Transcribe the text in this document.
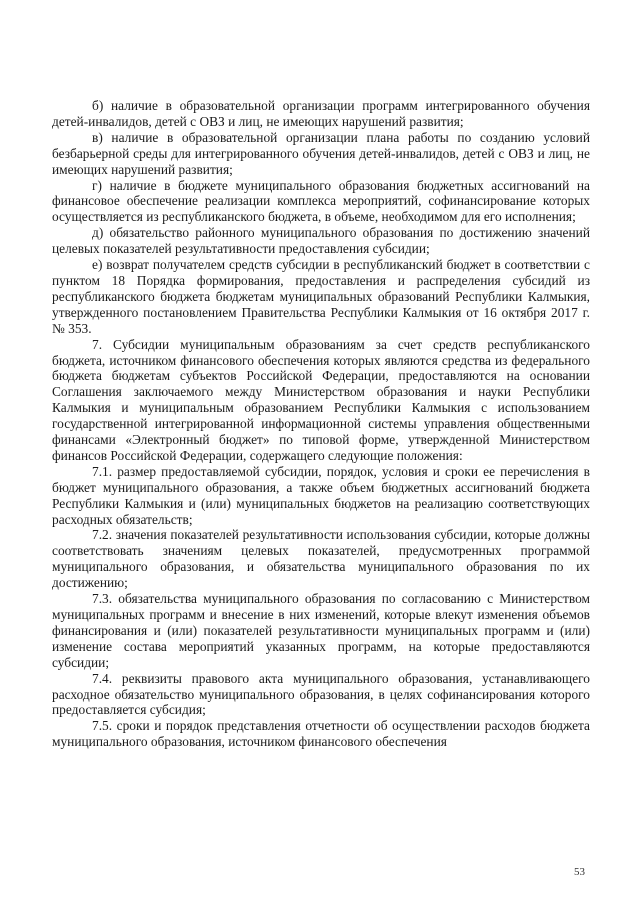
б) наличие в образовательной организации программ интегрированного обучения детей-инвалидов, детей с ОВЗ и лиц, не имеющих нарушений развития;

в) наличие в образовательной организации плана работы по созданию условий безбарьерной среды для интегрированного обучения детей-инвалидов, детей с ОВЗ и лиц, не имеющих нарушений развития;

г) наличие в бюджете муниципального образования бюджетных ассигнований на финансовое обеспечение реализации комплекса мероприятий, софинансирование которых осуществляется из республиканского бюджета, в объеме, необходимом для его исполнения;

д) обязательство районного муниципального образования по достижению значений целевых показателей результативности предоставления субсидии;

е) возврат получателем средств субсидии в республиканский бюджет в соответствии с пунктом 18 Порядка формирования, предоставления и распределения субсидий из республиканского бюджета бюджетам муниципальных образований Республики Калмыкия, утвержденного постановлением Правительства Республики Калмыкия от 16 октября 2017 г. № 353.

7. Субсидии муниципальным образованиям за счет средств республиканского бюджета, источником финансового обеспечения которых являются средства из федерального бюджета бюджетам субъектов Российской Федерации, предоставляются на основании Соглашения заключаемого между Министерством образования и науки Республики Калмыкия и муниципальным образованием Республики Калмыкия с использованием государственной интегрированной информационной системы управления общественными финансами «Электронный бюджет» по типовой форме, утвержденной Министерством финансов Российской Федерации, содержащего следующие положения:

7.1. размер предоставляемой субсидии, порядок, условия и сроки ее перечисления в бюджет муниципального образования, а также объем бюджетных ассигнований бюджета Республики Калмыкия и (или) муниципальных бюджетов на реализацию соответствующих расходных обязательств;

7.2. значения показателей результативности использования субсидии, которые должны соответствовать значениям целевых показателей, предусмотренных программой муниципального образования, и обязательства муниципального образования по их достижению;

7.3. обязательства муниципального образования по согласованию с Министерством муниципальных программ и внесение в них изменений, которые влекут изменения объемов финансирования и (или) показателей результативности муниципальных программ и (или) изменение состава мероприятий указанных программ, на которые предоставляются субсидии;

7.4. реквизиты правового акта муниципального образования, устанавливающего расходное обязательство муниципального образования, в целях софинансирования которого предоставляется субсидия;

7.5. сроки и порядок представления отчетности об осуществлении расходов бюджета муниципального образования, источником финансового обеспечения

53
